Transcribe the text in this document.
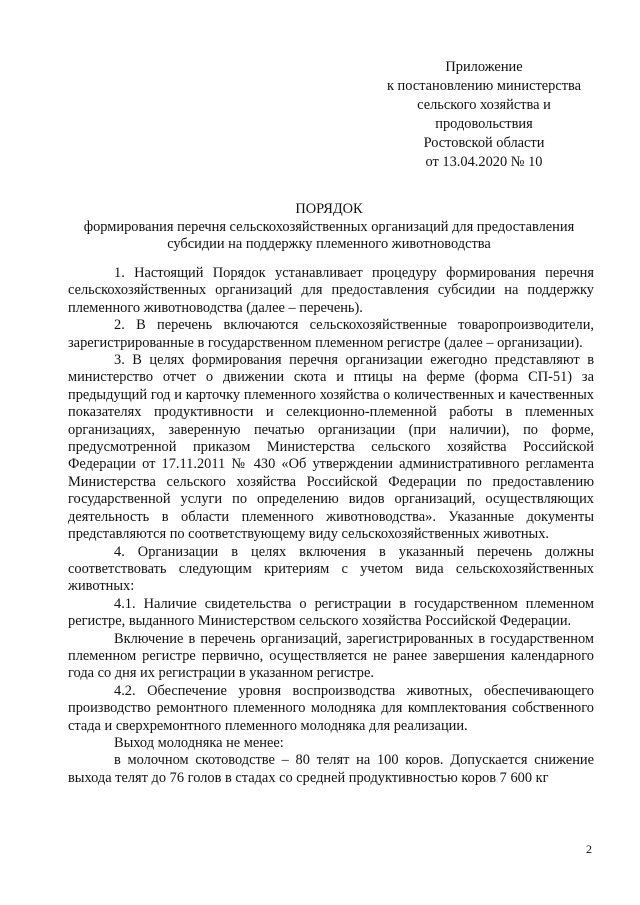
Приложение
к постановлению министерства
сельского хозяйства и
продовольствия
Ростовской области
от 13.04.2020 № 10
ПОРЯДОК
формирования перечня сельскохозяйственных организаций для предоставления субсидии на поддержку племенного животноводства

1. Настоящий Порядок устанавливает процедуру формирования перечня сельскохозяйственных организаций для предоставления субсидии на поддержку племенного животноводства (далее – перечень).

2. В перечень включаются сельскохозяйственные товаропроизводители, зарегистрированные в государственном племенном регистре (далее – организации).

3. В целях формирования перечня организации ежегодно представляют в министерство отчет о движении скота и птицы на ферме (форма СП-51) за предыдущий год и карточку племенного хозяйства о количественных и качественных показателях продуктивности и селекционно-племенной работы в племенных организациях, заверенную печатью организации (при наличии), по форме, предусмотренной приказом Министерства сельского хозяйства Российской Федерации от 17.11.2011 № 430 «Об утверждении административного регламента Министерства сельского хозяйства Российской Федерации по предоставлению государственной услуги по определению видов организаций, осуществляющих деятельность в области племенного животноводства». Указанные документы представляются по соответствующему виду сельскохозяйственных животных.

4. Организации в целях включения в указанный перечень должны соответствовать следующим критериям с учетом вида сельскохозяйственных животных:

4.1. Наличие свидетельства о регистрации в государственном племенном регистре, выданного Министерством сельского хозяйства Российской Федерации.

Включение в перечень организаций, зарегистрированных в государственном племенном регистре первично, осуществляется не ранее завершения календарного года со дня их регистрации в указанном регистре.

4.2. Обеспечение уровня воспроизводства животных, обеспечивающего производство ремонтного племенного молодняка для комплектования собственного стада и сверхремонтного племенного молодняка для реализации.

Выход молодняка не менее:

в молочном скотоводстве – 80 телят на 100 коров. Допускается снижение выхода телят до 76 голов в стадах со средней продуктивностью коров 7 600 кг

2
